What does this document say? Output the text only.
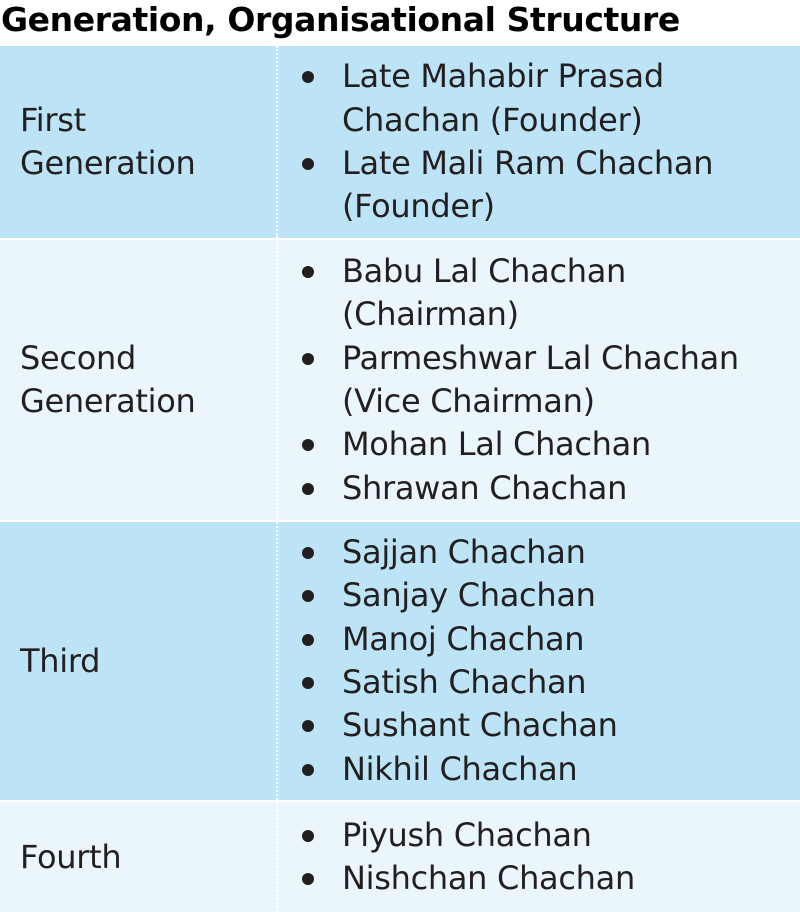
Generation, Organisational Structure
First
Generation
Late Mahabir Prasad
Chachan (Founder)
Late Mali Ram Chachan
(Founder)
Second
Generation
Babu Lal Chachan
(Chairman)
Parmeshwar Lal Chachan
(Vice Chairman)
Mohan Lal Chachan
Shrawan Chachan
Third
Sajjan Chachan
Sanjay Chachan
Manoj Chachan
Satish Chachan
Sushant Chachan
Nikhil Chachan
Fourth
Piyush Chachan
Nishchan Chachan
